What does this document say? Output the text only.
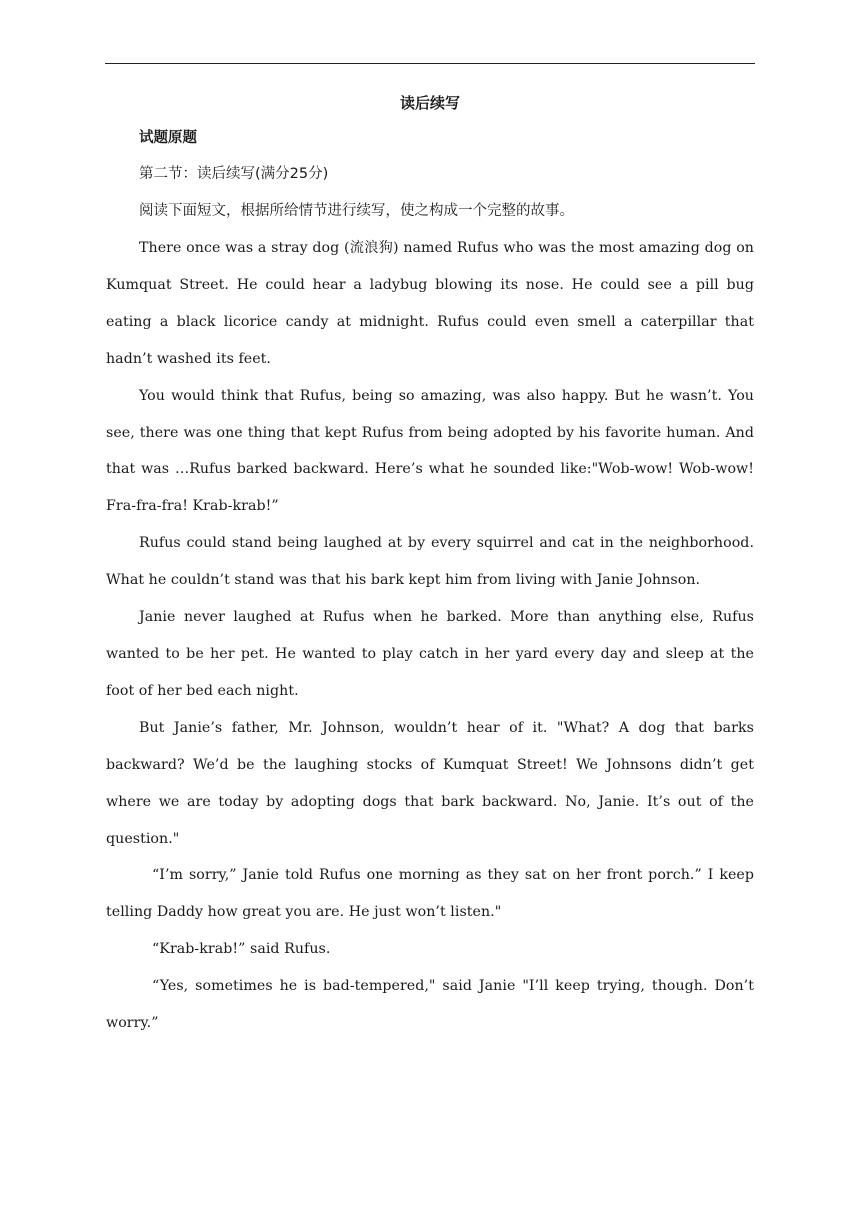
读后续写
试题原题

第二节：读后续写(满分25分)

阅读下面短文，根据所给情节进行续写，使之构成一个完整的故事。

There once was a stray dog (流浪狗) named Rufus who was the most amazing dog on Kumquat Street. He could hear a ladybug blowing its nose. He could see a pill bug eating a black licorice candy at midnight. Rufus could even smell a caterpillar that hadn’t washed its feet.

You would think that Rufus, being so amazing, was also happy. But he wasn’t. You see, there was one thing that kept Rufus from being adopted by his favorite human. And that was …Rufus barked backward. Here’s what he sounded like:"Wob-wow! Wob-wow! Fra-fra-fra! Krab-krab!”

Rufus could stand being laughed at by every squirrel and cat in the neighborhood. What he couldn’t stand was that his bark kept him from living with Janie Johnson.

Janie never laughed at Rufus when he barked. More than anything else, Rufus wanted to be her pet. He wanted to play catch in her yard every day and sleep at the foot of her bed each night.

But Janie’s father, Mr. Johnson, wouldn’t hear of it. "What? A dog that barks backward? We’d be the laughing stocks of Kumquat Street! We Johnsons didn’t get where we are today by adopting dogs that bark backward. No, Janie. It’s out of the question."

“I’m sorry,” Janie told Rufus one morning as they sat on her front porch.” I keep telling Daddy how great you are. He just won’t listen."

“Krab-krab!” said Rufus.

“Yes, sometimes he is bad-tempered," said Janie "I’ll keep trying, though. Don’t worry.”
